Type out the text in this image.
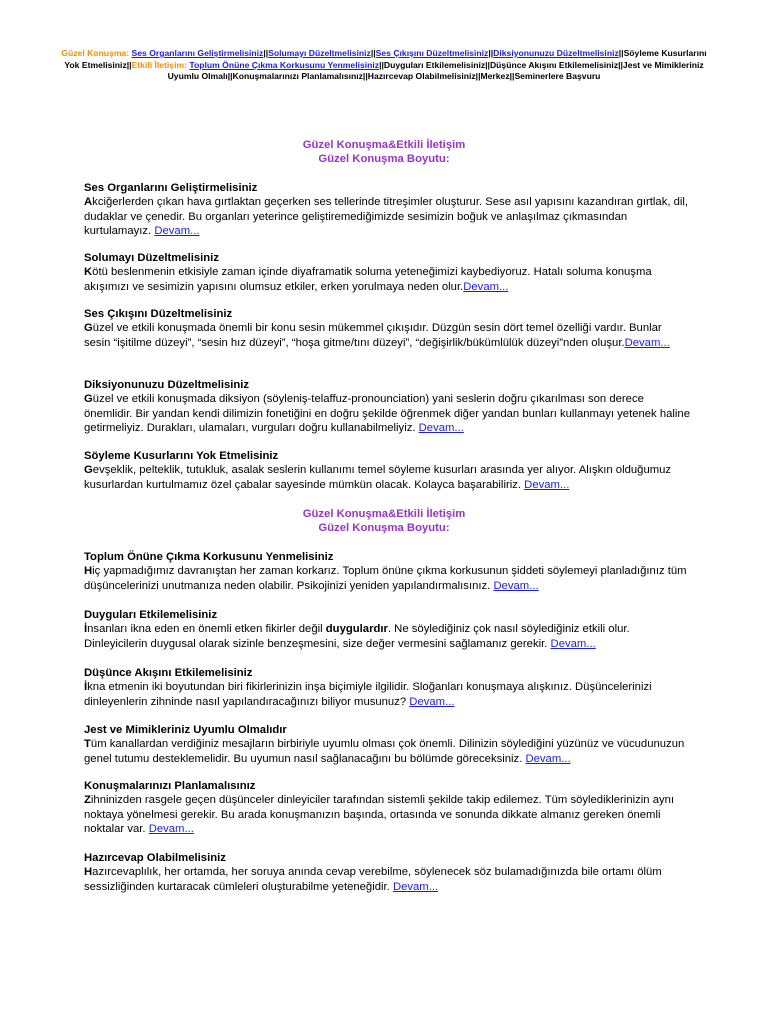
Güzel Konuşma: Ses Organlarını Geliştirmelisiniz||Solumayı Düzeltmelisiniz||Ses Çıkışını Düzeltmelisiniz||Diksiyonunuzu Düzeltmelisiniz||Söyleme Kusurlarını Yok Etmelisiniz||Etkili İletişim: Toplum Önüne Çıkma Korkusunu Yenmelisiniz||Duyguları Etkilemelisiniz||Düşünce Akışını Etkilemelisiniz||Jest ve Mimikleriniz Uyumlu Olmalı||Konuşmalarınızı Planlamalısınız||Hazırcevap Olabilmelisiniz||Merkez||Seminerlere Başvuru
Güzel Konuşma&Etkili İletişim
Güzel Konuşma Boyutu:

Ses Organlarını Geliştirmelisiniz

Akciğerlerden çıkan hava gırtlaktan geçerken ses tellerinde titreşimler oluşturur. Sese asıl yapısını kazandıran gırtlak, dil, dudaklar ve çenedir. Bu organları yeterince geliştiremediğimizde sesimizin boğuk ve anlaşılmaz çıkmasından kurtulamayız. Devam...

Solumayı Düzeltmelisiniz

Kötü beslenmenin etkisiyle zaman içinde diyaframatik soluma yeteneğimizi kaybediyoruz. Hatalı soluma konuşma akışımızı ve sesimizin yapısını olumsuz etkiler, erken yorulmaya neden olur.Devam...

Ses Çıkışını Düzeltmelisiniz

Güzel ve etkili konuşmada önemli bir konu sesin mükemmel çıkışıdır. Düzgün sesin dört temel özelliği vardır. Bunlar sesin “işitilme düzeyi”, “sesin hız düzeyi”, “hoşa gitme/tını düzeyi”, “değişirlik/bükümlülük düzeyi”nden oluşur.Devam...

Diksiyonunuzu Düzeltmelisiniz

Güzel ve etkili konuşmada diksiyon (söyleniş-telaffuz-pronounciation) yani seslerin doğru çıkarılması son derece önemlidir. Bir yandan kendi dilimizin fonetiğini en doğru şekilde öğrenmek diğer yandan bunları kullanmayı yetenek haline getirmeliyiz. Durakları, ulamaları, vurguları doğru kullanabilmeliyiz. Devam...

Söyleme Kusurlarını Yok Etmelisiniz

Gevşeklik, pelteklik, tutukluk, asalak seslerin kullanımı temel söyleme kusurları arasında yer alıyor. Alışkın olduğumuz kusurlardan kurtulmamız özel çabalar sayesinde mümkün olacak. Kolayca başarabiliriz. Devam...

Güzel Konuşma&Etkili İletişim
Güzel Konuşma Boyutu:

Toplum Önüne Çıkma Korkusunu Yenmelisiniz

Hiç yapmadığımız davranıştan her zaman korkarız. Toplum önüne çıkma korkusunun şiddeti söylemeyi planladığınız tüm düşüncelerinizi unutmanıza neden olabilir. Psikojinizi yeniden yapılandırmalısınız. Devam...

Duyguları Etkilemelisiniz

İnsanları ikna eden en önemli etken fikirler değil duygulardır. Ne söylediğiniz çok nasıl söylediğiniz etkili olur. Dinleyicilerin duygusal olarak sizinle benzeşmesini, size değer vermesini sağlamanız gerekir. Devam...

Düşünce Akışını Etkilemelisiniz

İkna etmenin iki boyutundan biri fikirlerinizin inşa biçimiyle ilgilidir. Sloğanları konuşmaya alışkınız. Düşüncelerinizi dinleyenlerin zihninde nasıl yapılandıracağınızı biliyor musunuz? Devam...

Jest ve Mimikleriniz Uyumlu Olmalıdır

Tüm kanallardan verdiğiniz mesajların birbiriyle uyumlu olması çok önemli. Dilinizin söylediğini yüzünüz ve vücudunuzun genel tutumu desteklemelidir. Bu uyumun nasıl sağlanacağını bu bölümde göreceksiniz. Devam...

Konuşmalarınızı Planlamalısınız

Zihninizden rasgele geçen düşünceler dinleyiciler tarafından sistemli şekilde takip edilemez. Tüm söylediklerinizin aynı noktaya yönelmesi gerekir. Bu arada konuşmanızın başında, ortasında ve sonunda dikkate almanız gereken önemli noktalar var. Devam...

Hazırcevap Olabilmelisiniz

Hazırcevaplılık, her ortamda, her soruya anında cevap verebilme, söylenecek söz bulamadığınızda bile ortamı ölüm sessizliğinden kurtaracak cümleleri oluşturabilme yeteneğidir. Devam...
